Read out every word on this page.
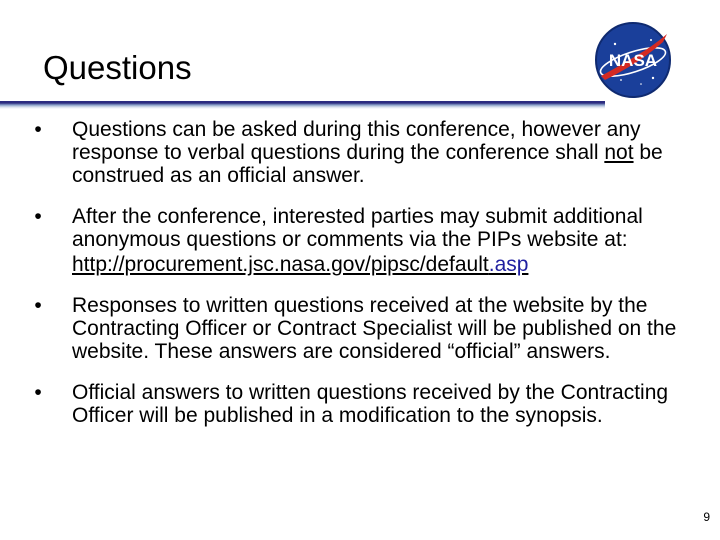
Questions	NASA
•	Questions can be asked during this conference, however any response to verbal questions during the conference shall not be construed as an official answer.

•	After the conference, interested parties may submit additional anonymous questions or comments via the PIPs website at:

http://procurement.jsc.nasa.gov/pipsc/default.asp
•	Responses to written questions received at the website by the Contracting Officer or Contract Specialist will be published on the website. These answers are considered “official” answers.

•	Official answers to written questions received by the Contracting Officer will be published in a modification to the synopsis.

9
